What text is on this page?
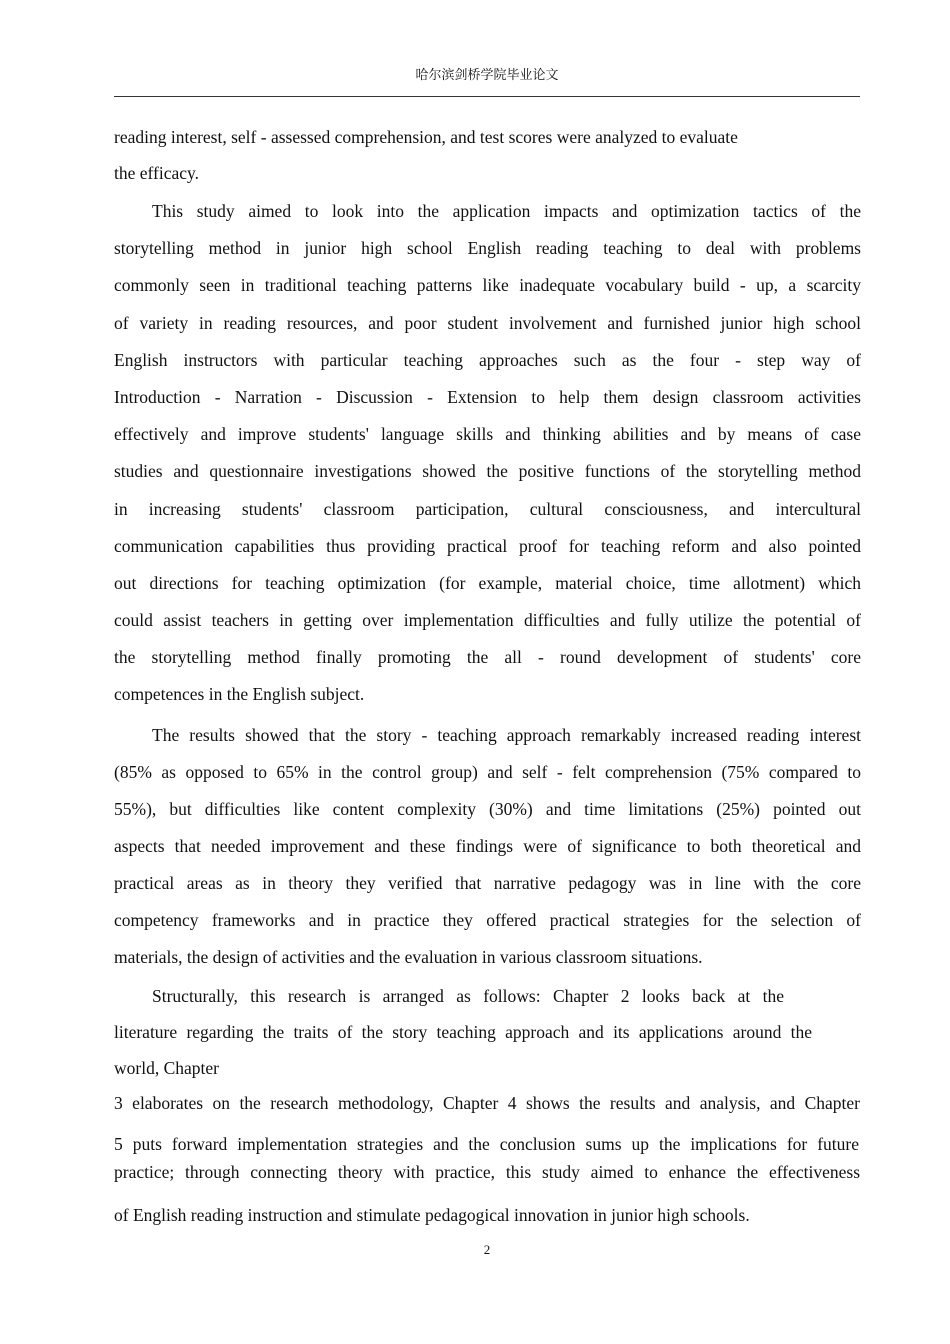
哈尔滨剑桥学院毕业论文
reading interest, self - assessed comprehension, and test scores were analyzed to evaluate
the efficacy.
This study aimed to look into the application impacts and optimization tactics of the
storytelling method in junior high school English reading teaching to deal with problems
commonly seen in traditional teaching patterns like inadequate vocabulary build - up, a scarcity
of variety in reading resources, and poor student involvement and furnished junior high school
English instructors with particular teaching approaches such as the four - step way of
Introduction - Narration - Discussion - Extension to help them design classroom activities
effectively and improve students' language skills and thinking abilities and by means of case
studies and questionnaire investigations showed the positive functions of the storytelling method
in increasing students' classroom participation, cultural consciousness, and intercultural
communication capabilities thus providing practical proof for teaching reform and also pointed
out directions for teaching optimization (for example, material choice, time allotment) which
could assist teachers in getting over implementation difficulties and fully utilize the potential of
the storytelling method finally promoting the all - round development of students' core
competences in the English subject.
The results showed that the story - teaching approach remarkably increased reading interest
(85% as opposed to 65% in the control group) and self - felt comprehension (75% compared to
55%), but difficulties like content complexity (30%) and time limitations (25%) pointed out
aspects that needed improvement and these findings were of significance to both theoretical and
practical areas as in theory they verified that narrative pedagogy was in line with the core
competency frameworks and in practice they offered practical strategies for the selection of
materials, the design of activities and the evaluation in various classroom situations.
Structurally, this research is arranged as follows: Chapter 2 looks back at the
literature regarding the traits of the story teaching approach and its applications around the
world, Chapter
3 elaborates on the research methodology, Chapter 4 shows the results and analysis, and Chapter
5 puts forward implementation strategies and the conclusion sums up the implications for future
practice; through connecting theory with practice, this study aimed to enhance the effectiveness
of English reading instruction and stimulate pedagogical innovation in junior high schools.
2
